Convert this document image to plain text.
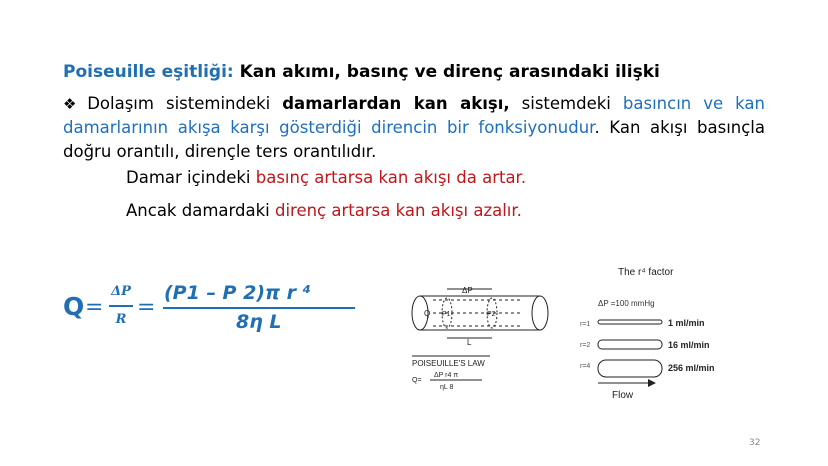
Poiseuille eşitliği: Kan akımı, basınç ve direnç arasındaki ilişki
❖ Dolaşım sistemindeki damarlardan kan akışı, sistemdeki basıncın ve kan damarlarının akışa karşı gösterdiği direncin bir fonksiyonudur. Kan akışı basınçla doğru orantılı, dirençle ters orantılıdır.
Damar içindeki basınç artarsa kan akışı da artar.
Ancak damardaki direnç artarsa kan akışı azalır.
Q =
ΔP
R =
(P1 – P 2)π r ⁴
8η L
ΔP
Q P1	P2
L
POISEUILLE'S LAW
Q=
ΔP r4 π
ηL 8
The r⁴ factor
ΔP =100 mmHg
r=1
r=2
r=4
1 ml/min
16 ml/min
256 ml/min
Flow
32
